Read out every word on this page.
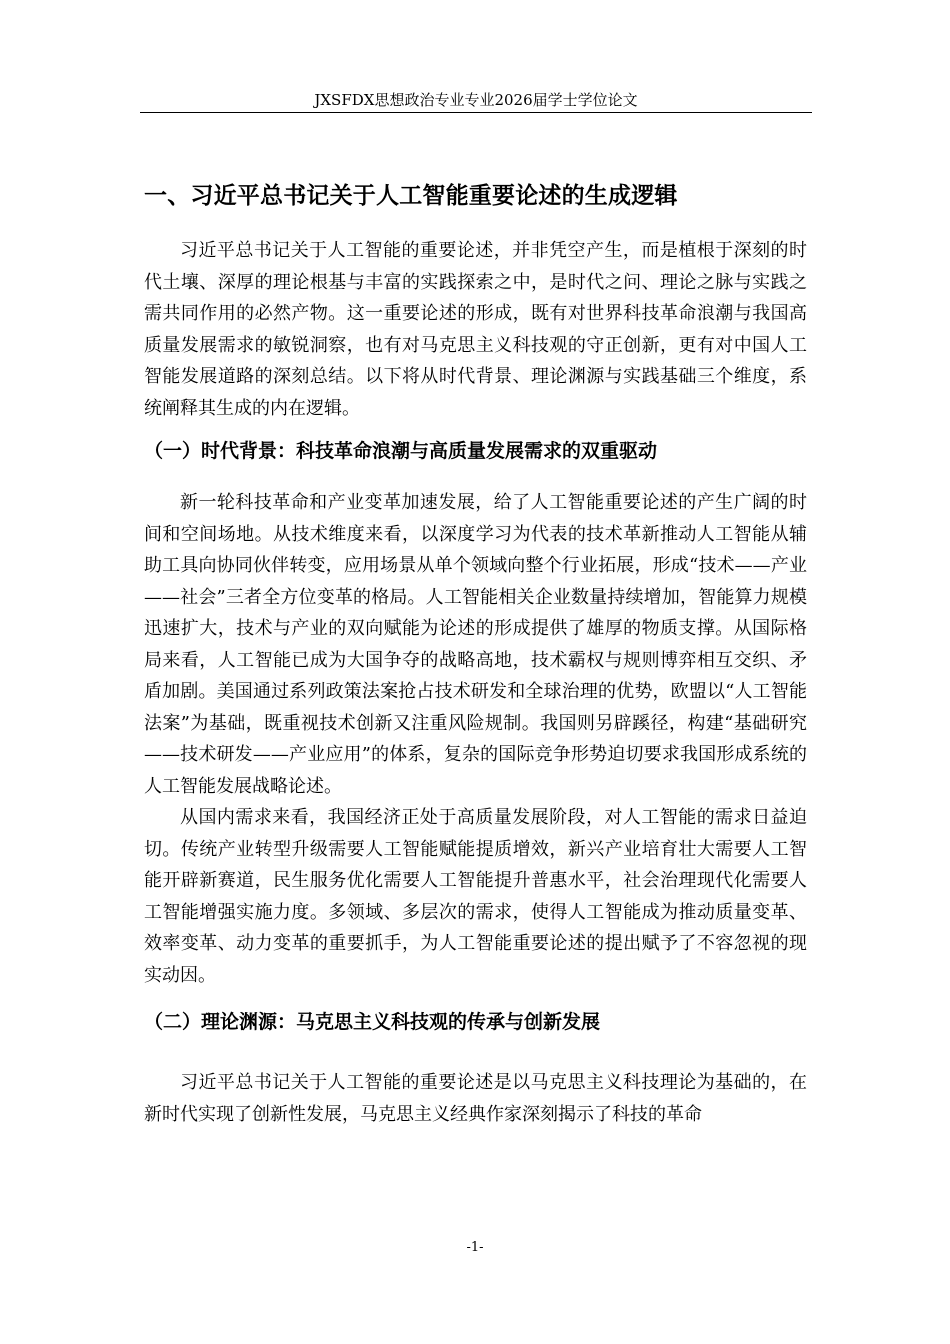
JXSFDX思想政治专业专业2026届学士学位论文
一、习近平总书记关于人工智能重要论述的生成逻辑

习近平总书记关于人工智能的重要论述，并非凭空产生，而是植根于深刻的时代土壤、深厚的理论根基与丰富的实践探索之中，是时代之问、理论之脉与实践之需共同作用的必然产物。这一重要论述的形成，既有对世界科技革命浪潮与我国高质量发展需求的敏锐洞察，也有对马克思主义科技观的守正创新，更有对中国人工智能发展道路的深刻总结。以下将从时代背景、理论渊源与实践基础三个维度，系统阐释其生成的内在逻辑。

（一）时代背景：科技革命浪潮与高质量发展需求的双重驱动

新一轮科技革命和产业变革加速发展，给了人工智能重要论述的产生广阔的时间和空间场地。从技术维度来看，以深度学习为代表的技术革新推动人工智能从辅助工具向协同伙伴转变，应用场景从单个领域向整个行业拓展，形成“技术——产业——社会”三者全方位变革的格局。人工智能相关企业数量持续增加，智能算力规模迅速扩大，技术与产业的双向赋能为论述的形成提供了雄厚的物质支撑。从国际格局来看，人工智能已成为大国争夺的战略高地，技术霸权与规则博弈相互交织、矛盾加剧。美国通过系列政策法案抢占技术研发和全球治理的优势，欧盟以“人工智能法案”为基础，既重视技术创新又注重风险规制。我国则另辟蹊径，构建“基础研究——技术研发——产业应用”的体系，复杂的国际竞争形势迫切要求我国形成系统的人工智能发展战略论述。

从国内需求来看，我国经济正处于高质量发展阶段，对人工智能的需求日益迫切。传统产业转型升级需要人工智能赋能提质增效，新兴产业培育壮大需要人工智能开辟新赛道，民生服务优化需要人工智能提升普惠水平，社会治理现代化需要人工智能增强实施力度。多领域、多层次的需求，使得人工智能成为推动质量变革、效率变革、动力变革的重要抓手，为人工智能重要论述的提出赋予了不容忽视的现实动因。

（二）理论渊源：马克思主义科技观的传承与创新发展

习近平总书记关于人工智能的重要论述是以马克思主义科技理论为基础的，在新时代实现了创新性发展，马克思主义经典作家深刻揭示了科技的革命

-1-
